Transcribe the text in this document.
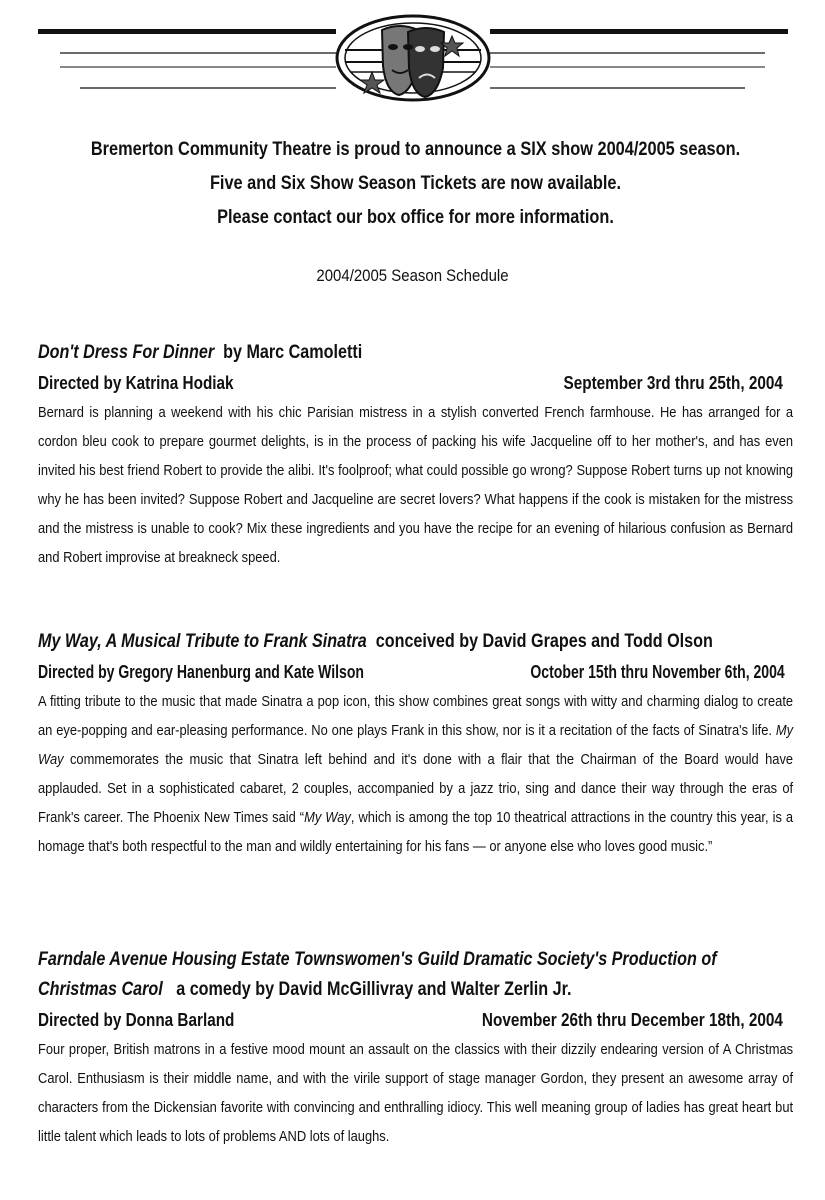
Bremerton Community Theatre is proud to announce a SIX show 2004/2005 season.
Five and Six Show Season Tickets are now available.
Please contact our box office for more information.
2004/2005 Season Schedule
Don't Dress For Dinner by Marc Camoletti
Directed by Katrina Hodiak	September 3rd thru 25th, 2004

Bernard is planning a weekend with his chic Parisian mistress in a stylish converted French farmhouse. He has arranged for a cordon bleu cook to prepare gourmet delights, is in the process of packing his wife Jacqueline off to her mother's, and has even invited his best friend Robert to provide the alibi. It's foolproof; what could possible go wrong? Suppose Robert turns up not knowing why he has been invited? Suppose Robert and Jacqueline are secret lovers? What happens if the cook is mistaken for the mistress and the mistress is unable to cook? Mix these ingredients and you have the recipe for an evening of hilarious confusion as Bernard and Robert improvise at breakneck speed.

My Way, A Musical Tribute to Frank Sinatra conceived by David Grapes and Todd Olson
Directed by Gregory Hanenburg and Kate Wilson	October 15th thru November 6th, 2004

A fitting tribute to the music that made Sinatra a pop icon, this show combines great songs with witty and charming dialog to create an eye-popping and ear-pleasing performance. No one plays Frank in this show, nor is it a recitation of the facts of Sinatra's life. My Way commemorates the music that Sinatra left behind and it's done with a flair that the Chairman of the Board would have applauded. Set in a sophisticated cabaret, 2 couples, accompanied by a jazz trio, sing and dance their way through the eras of Frank's career. The Phoenix New Times said “My Way, which is among the top 10 theatrical attractions in the country this year, is a homage that's both respectful to the man and wildly entertaining for his fans — or anyone else who loves good music.”

Farndale Avenue Housing Estate Townswomen's Guild Dramatic Society's Production of
Christmas Carol a comedy by David McGillivray and Walter Zerlin Jr.
Directed by Donna Barland	November 26th thru December 18th, 2004

Four proper, British matrons in a festive mood mount an assault on the classics with their dizzily endearing version of A Christmas Carol. Enthusiasm is their middle name, and with the virile support of stage manager Gordon, they present an awesome array of characters from the Dickensian favorite with convincing and enthralling idiocy. This well meaning group of ladies has great heart but little talent which leads to lots of problems AND lots of laughs.
